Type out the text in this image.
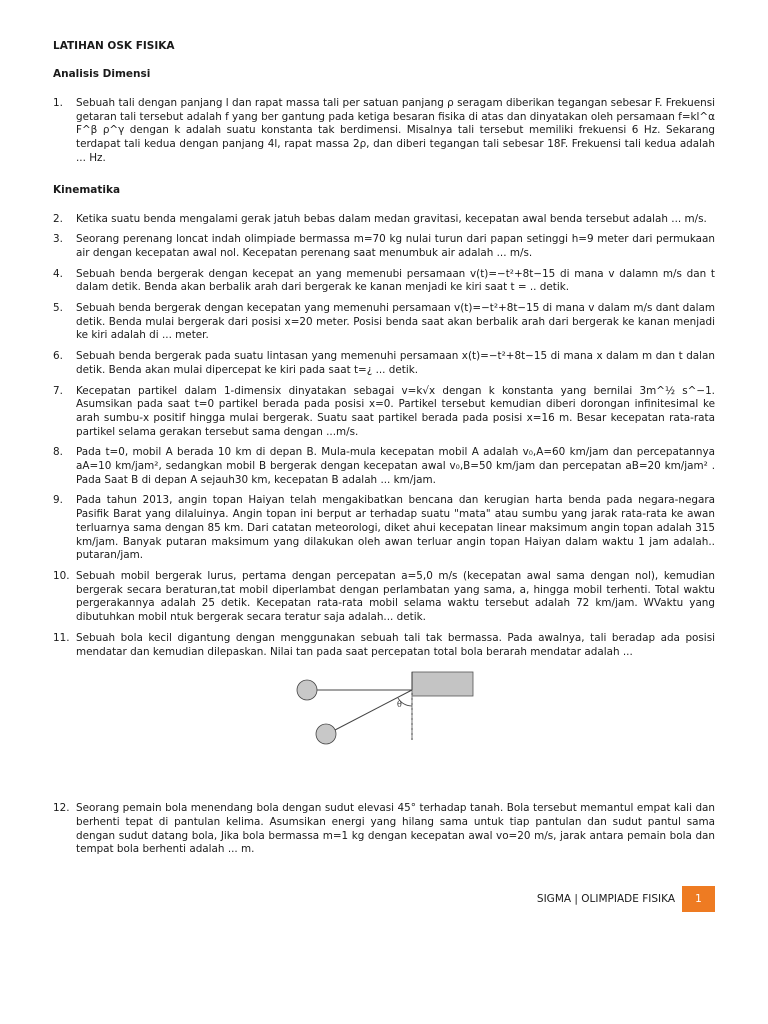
LATIHAN OSK FISIKA
Analisis Dimensi
1. Sebuah tali dengan panjang l dan rapat massa tali per satuan panjang ρ seragam diberikan tegangan sebesar F. Frekuensi getaran tali tersebut adalah f yang ber gantung pada ketiga besaran fisika di atas dan dinyatakan oleh persamaan f=kl^α F^β ρ^γ dengan k adalah suatu konstanta tak berdimensi. Misalnya tali tersebut memiliki frekuensi 6 Hz. Sekarang terdapat tali kedua dengan panjang 4l, rapat massa 2ρ, dan diberi tegangan tali sebesar 18F. Frekuensi tali kedua adalah ... Hz.
Kinematika
2. Ketika suatu benda mengalami gerak jatuh bebas dalam medan gravitasi, kecepatan awal benda tersebut adalah ... m/s.
3. Seorang perenang loncat indah olimpiade bermassa m=70 kg nulai turun dari papan setinggi h=9 meter dari permukaan air dengan kecepatan awal nol. Kecepatan perenang saat menumbuk air adalah ... m/s.
4. Sebuah benda bergerak dengan kecepat an yang memenubi persamaan v(t)=−t²+8t−15 di mana v dalamn m/s dan t dalam detik. Benda akan berbalik arah dari bergerak ke kanan menjadi ke kiri saat t = .. detik.
5. Sebuah benda bergerak dengan kecepatan yang memenuhi persamaan v(t)=−t²+8t−15 di mana v dalam m/s dant dalam detik. Benda mulai bergerak dari posisi x=20 meter. Posisi benda saat akan berbalik arah dari bergerak ke kanan menjadi ke kiri adalah di ... meter.
6. Sebuah benda bergerak pada suatu lintasan yang memenuhi persamaan x(t)=−t²+8t−15 di mana x dalam m dan t dalan detik. Benda akan mulai dipercepat ke kiri pada saat t=¿ ... detik.
7. Kecepatan partikel dalam 1-dimensix dinyatakan sebagai v=k√x dengan k konstanta yang bernilai 3m^½ s^−1. Asumsikan pada saat t=0 partikel berada pada posisi x=0. Partikel tersebut kemudian diberi dorongan infinitesimal ke arah sumbu-x positif hingga mulai bergerak. Suatu saat partikel berada pada posisi x=16 m. Besar kecepatan rata-rata partikel selama gerakan tersebut sama dengan ...m/s.
8. Pada t=0, mobil A berada 10 km di depan B. Mula-mula kecepatan mobil A adalah v₀,A=60 km/jam dan percepatannya aA=10 km/jam², sedangkan mobil B bergerak dengan kecepatan awal v₀,B=50 km/jam dan percepatan aB=20 km/jam² . Pada Saat B di depan A sejauh30 km, kecepatan B adalah ... km/jam.
9. Pada tahun 2013, angin topan Haiyan telah mengakibatkan bencana dan kerugian harta benda pada negara-negara Pasifik Barat yang dilaluinya. Angin topan ini berput ar terhadap suatu "mata" atau sumbu yang jarak rata-rata ke awan terluarnya sama dengan 85 km. Dari catatan meteorologi, diket ahui kecepatan linear maksimum angin topan adalah 315 km/jam. Banyak putaran maksimum yang dilakukan oleh awan terluar angin topan Haiyan dalam waktu 1 jam adalah.. putaran/jam.
10. Sebuah mobil bergerak lurus, pertama dengan percepatan a=5,0 m/s (kecepatan awal sama dengan nol), kemudian bergerak secara beraturan,tat mobil diperlambat dengan perlambatan yang sama, a, hingga mobil terhenti. Total waktu pergerakannya adalah 25 detik. Kecepatan rata-rata mobil selama waktu tersebut adalah 72 km/jam. WVaktu yang dibutuhkan mobil ntuk bergerak secara teratur saja adalah... detik.
11. Sebuah bola kecil digantung dengan menggunakan sebuah tali tak bermassa. Pada awalnya, tali beradap ada posisi mendatar dan kemudian dilepaskan. Nilai tan pada saat percepatan total bola berarah mendatar adalah ...
θ
12. Seorang pemain bola menendang bola dengan sudut elevasi 45° terhadap tanah. Bola tersebut memantul empat kali dan berhenti tepat di pantulan kelima. Asumsikan energi yang hilang sama untuk tiap pantulan dan sudut pantul sama dengan sudut datang bola, Jika bola bermassa m=1 kg dengan kecepatan awal vo=20 m/s, jarak antara pemain bola dan tempat bola berhenti adalah ... m.
SIGMA | OLIMPIADE FISIKA	1
